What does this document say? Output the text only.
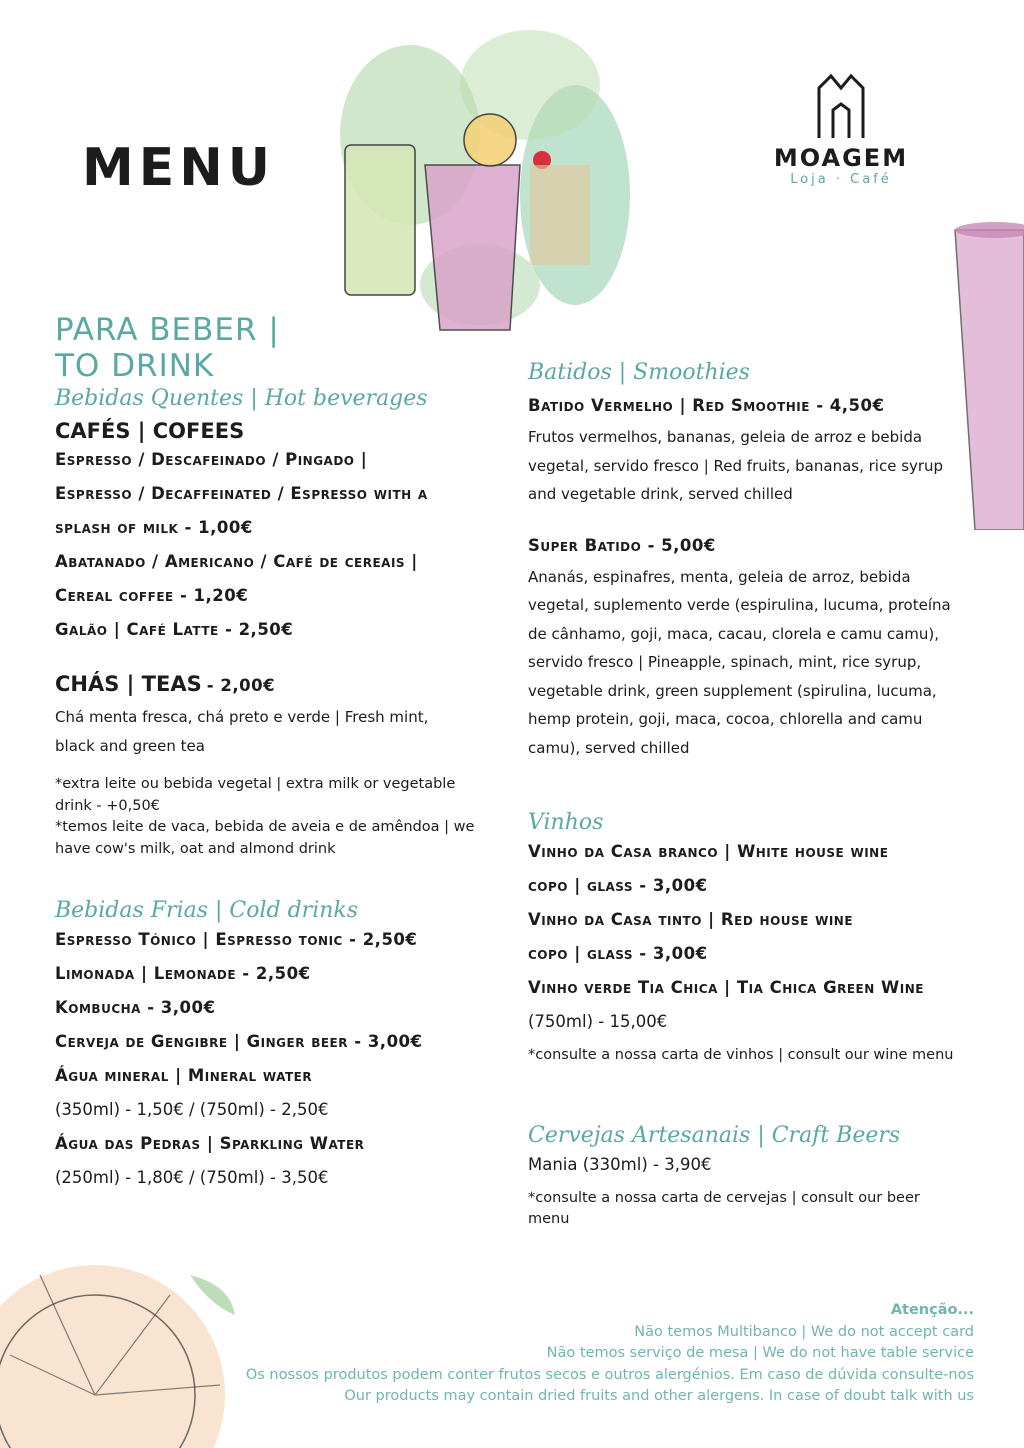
MENU	MOAGEM
Loja · Café
PARA BEBER |
TO DRINK
Bebidas Quentes | Hot beverages
CAFÉS | COFEES
Espresso / Descafeinado / Pingado |
Espresso / Decaffeinated / Espresso with a
splash of milk - 1,00€
Abatanado / Americano / Café de cereais |
Cereal coffee - 1,20€
Galão | Café Latte - 2,50€
CHÁS | TEAS - 2,00€
Chá menta fresca, chá preto e verde | Fresh mint, black and green tea
*extra leite ou bebida vegetal | extra milk or vegetable drink - +0,50€
*temos leite de vaca, bebida de aveia e de amêndoa | we have cow's milk, oat and almond drink
Bebidas Frias | Cold drinks
Espresso Tónico | Espresso tonic - 2,50€
Limonada | Lemonade - 2,50€
Kombucha - 3,00€
Cerveja de Gengibre | Ginger beer - 3,00€
Água mineral | Mineral water
(350ml) - 1,50€ / (750ml) - 2,50€
Água das Pedras | Sparkling Water
(250ml) - 1,80€ / (750ml) - 3,50€
Batidos | Smoothies
Batido Vermelho | Red Smoothie - 4,50€
Frutos vermelhos, bananas, geleia de arroz e bebida vegetal, servido fresco | Red fruits, bananas, rice syrup and vegetable drink, served chilled
Super Batido - 5,00€
Ananás, espinafres, menta, geleia de arroz, bebida vegetal, suplemento verde (espirulina, lucuma, proteína de cânhamo, goji, maca, cacau, clorela e camu camu), servido fresco | Pineapple, spinach, mint, rice syrup, vegetable drink, green supplement (spirulina, lucuma, hemp protein, goji, maca, cocoa, chlorella and camu camu), served chilled
Vinhos
Vinho da Casa branco | White house wine
copo | glass - 3,00€
Vinho da Casa tinto | Red house wine
copo | glass - 3,00€
Vinho verde Tia Chica | Tia Chica Green Wine
(750ml) - 15,00€
*consulte a nossa carta de vinhos | consult our wine menu
Cervejas Artesanais | Craft Beers
Mania (330ml) - 3,90€
*consulte a nossa carta de cervejas | consult our beer menu
Atenção...
Não temos Multibanco | We do not accept card
Não temos serviço de mesa | We do not have table service
Os nossos produtos podem conter frutos secos e outros alergénios. Em caso de dúvida consulte-nos
Our products may contain dried fruits and other alergens. In case of doubt talk with us
